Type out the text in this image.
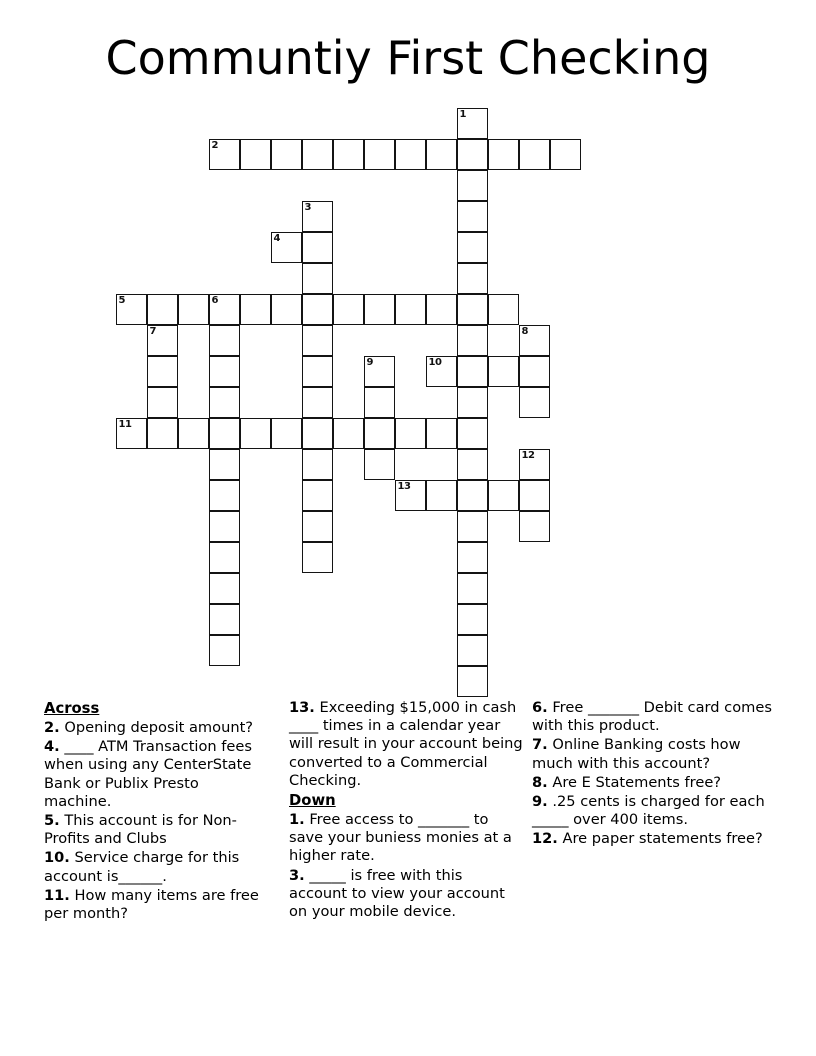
Communtiy First Checking
1
2
3
4
5	6
7	8
9	10
11
12
13

Across

2. Opening deposit amount?

4. ____ ATM Transaction fees when using any CenterState Bank or Publix Presto machine.

5. This account is for Non-Profits and Clubs

10. Service charge for this account is______.

11. How many items are free per month?

13. Exceeding $15,000 in cash ____ times in a calendar year will result in your account being converted to a Commercial Checking.

Down

1. Free access to _______ to save your buniess monies at a higher rate.

3. _____ is free with this account to view your account on your mobile device.

6. Free _______ Debit card comes with this product.

7. Online Banking costs how much with this account?

8. Are E Statements free?

9. .25 cents is charged for each _____ over 400 items.

12. Are paper statements free?
